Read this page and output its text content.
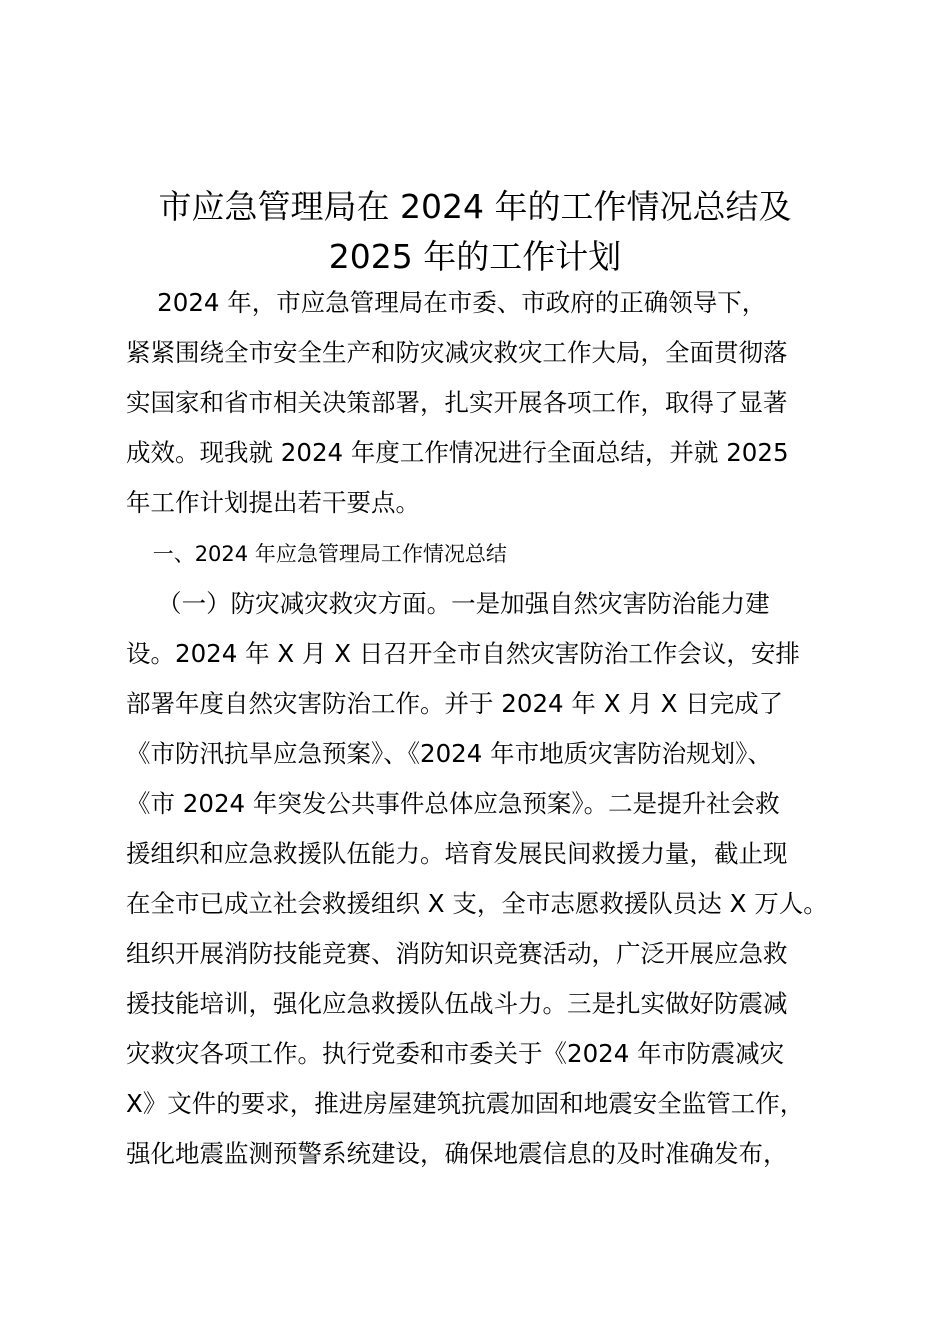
市应急管理局在 2024 年的工作情况总结及
2025 年的工作计划
2024 年，市应急管理局在市委、市政府的正确领导下，
紧紧围绕全市安全生产和防灾减灾救灾工作大局，全面贯彻落
实国家和省市相关决策部署，扎实开展各项工作，取得了显著
成效。现我就 2024 年度工作情况进行全面总结，并就 2025
年工作计划提出若干要点。
一、2024 年应急管理局工作情况总结
（一）防灾减灾救灾方面。一是加强自然灾害防治能力建
设。2024 年 X 月 X 日召开全市自然灾害防治工作会议，安排
部署年度自然灾害防治工作。并于 2024 年 X 月 X 日完成了
《市防汛抗旱应急预案》、《2024 年市地质灾害防治规划》、
《市 2024 年突发公共事件总体应急预案》。二是提升社会救
援组织和应急救援队伍能力。培育发展民间救援力量，截止现
在全市已成立社会救援组织 X 支，全市志愿救援队员达 X 万人。
组织开展消防技能竞赛、消防知识竞赛活动，广泛开展应急救
援技能培训，强化应急救援队伍战斗力。三是扎实做好防震减
灾救灾各项工作。执行党委和市委关于《2024 年市防震减灾
X》文件的要求，推进房屋建筑抗震加固和地震安全监管工作，
强化地震监测预警系统建设，确保地震信息的及时准确发布，
